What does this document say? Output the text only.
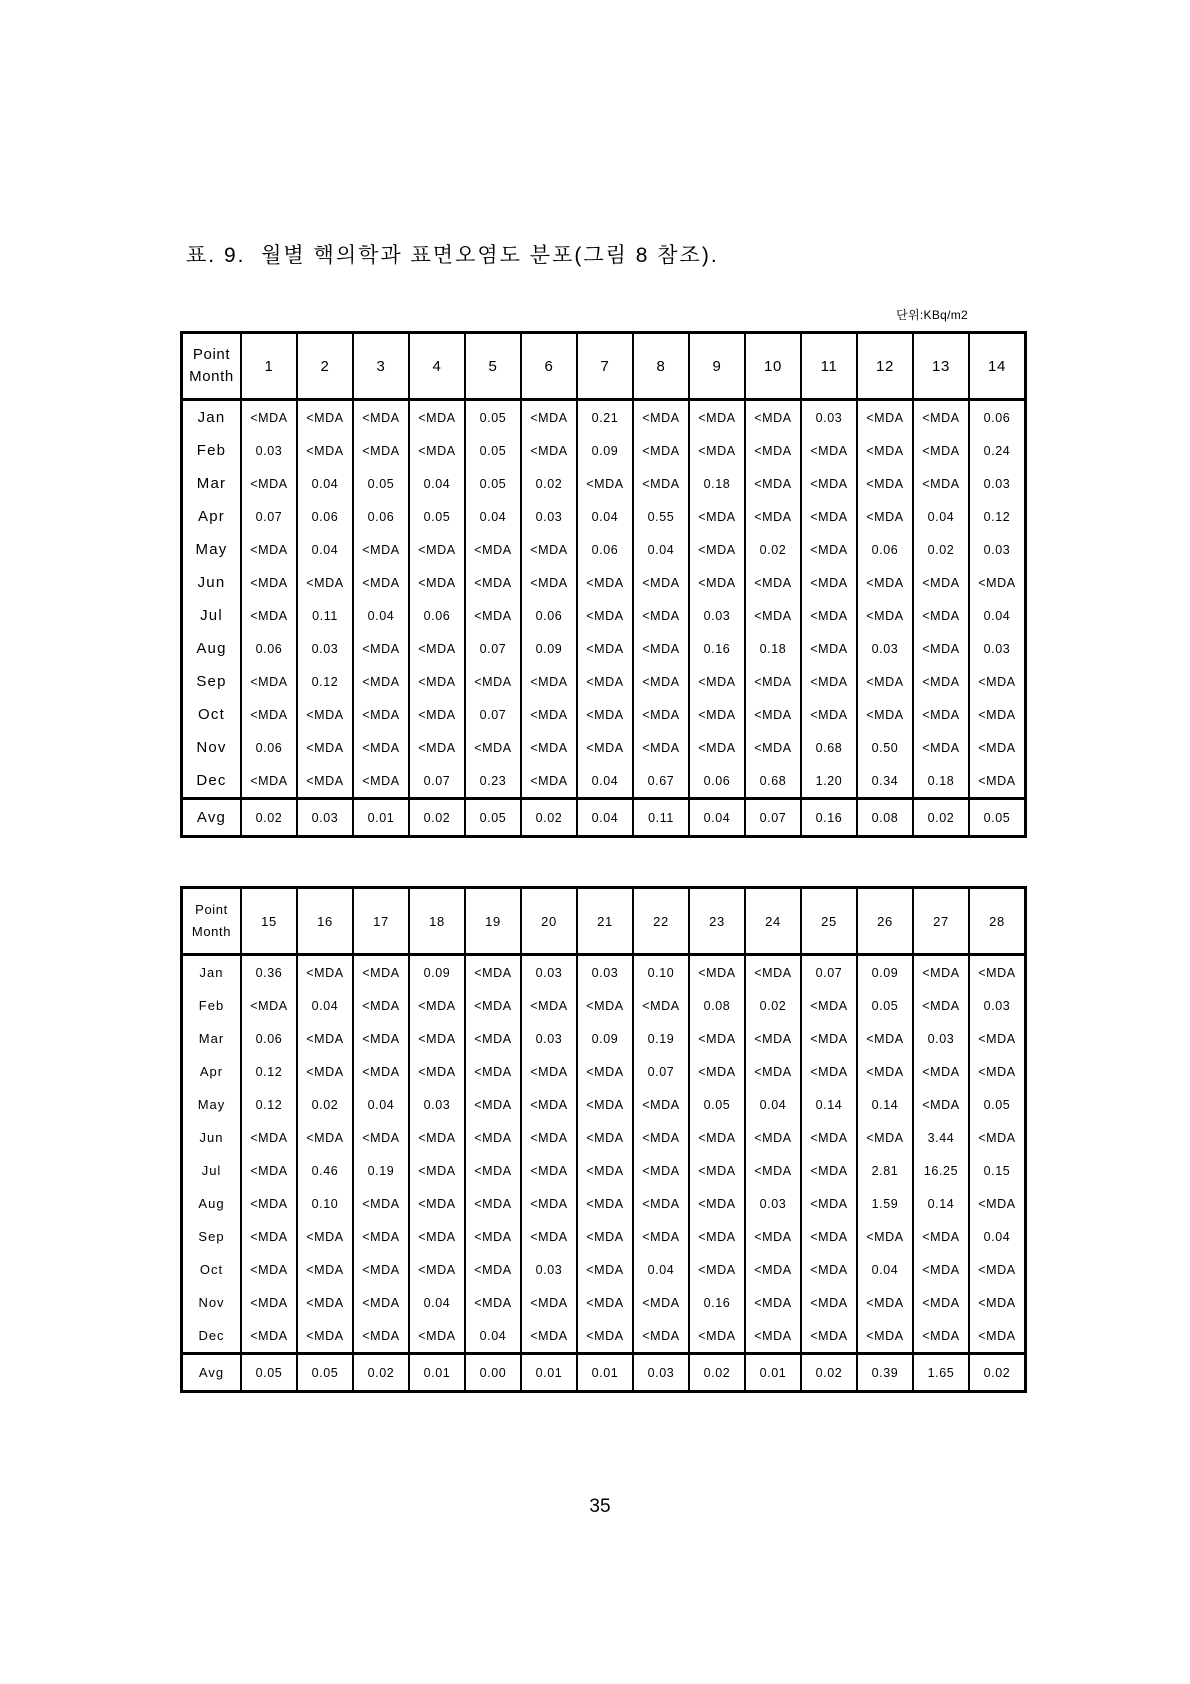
표. 9.  월별 핵의학과 표면오염도 분포(그림 8 참조).
단위:KBq/m2
Point
Month	1	2	3	4	5	6	7	8	9	10	11	12	13	14
Jan	<MDA	<MDA	<MDA	<MDA	0.05	<MDA	0.21	<MDA	<MDA	<MDA	0.03	<MDA	<MDA	0.06
Feb	0.03	<MDA	<MDA	<MDA	0.05	<MDA	0.09	<MDA	<MDA	<MDA	<MDA	<MDA	<MDA	0.24
Mar	<MDA	0.04	0.05	0.04	0.05	0.02	<MDA	<MDA	0.18	<MDA	<MDA	<MDA	<MDA	0.03
Apr	0.07	0.06	0.06	0.05	0.04	0.03	0.04	0.55	<MDA	<MDA	<MDA	<MDA	0.04	0.12
May	<MDA	0.04	<MDA	<MDA	<MDA	<MDA	0.06	0.04	<MDA	0.02	<MDA	0.06	0.02	0.03
Jun	<MDA	<MDA	<MDA	<MDA	<MDA	<MDA	<MDA	<MDA	<MDA	<MDA	<MDA	<MDA	<MDA	<MDA
Jul	<MDA	0.11	0.04	0.06	<MDA	0.06	<MDA	<MDA	0.03	<MDA	<MDA	<MDA	<MDA	0.04
Aug	0.06	0.03	<MDA	<MDA	0.07	0.09	<MDA	<MDA	0.16	0.18	<MDA	0.03	<MDA	0.03
Sep	<MDA	0.12	<MDA	<MDA	<MDA	<MDA	<MDA	<MDA	<MDA	<MDA	<MDA	<MDA	<MDA	<MDA
Oct	<MDA	<MDA	<MDA	<MDA	0.07	<MDA	<MDA	<MDA	<MDA	<MDA	<MDA	<MDA	<MDA	<MDA
Nov	0.06	<MDA	<MDA	<MDA	<MDA	<MDA	<MDA	<MDA	<MDA	<MDA	0.68	0.50	<MDA	<MDA
Dec	<MDA	<MDA	<MDA	0.07	0.23	<MDA	0.04	0.67	0.06	0.68	1.20	0.34	0.18	<MDA
Avg	0.02	0.03	0.01	0.02	0.05	0.02	0.04	0.11	0.04	0.07	0.16	0.08	0.02	0.05
Point
Month	15	16	17	18	19	20	21	22	23	24	25	26	27	28
Jan	0.36	<MDA	<MDA	0.09	<MDA	0.03	0.03	0.10	<MDA	<MDA	0.07	0.09	<MDA	<MDA
Feb	<MDA	0.04	<MDA	<MDA	<MDA	<MDA	<MDA	<MDA	0.08	0.02	<MDA	0.05	<MDA	0.03
Mar	0.06	<MDA	<MDA	<MDA	<MDA	0.03	0.09	0.19	<MDA	<MDA	<MDA	<MDA	0.03	<MDA
Apr	0.12	<MDA	<MDA	<MDA	<MDA	<MDA	<MDA	0.07	<MDA	<MDA	<MDA	<MDA	<MDA	<MDA
May	0.12	0.02	0.04	0.03	<MDA	<MDA	<MDA	<MDA	0.05	0.04	0.14	0.14	<MDA	0.05
Jun	<MDA	<MDA	<MDA	<MDA	<MDA	<MDA	<MDA	<MDA	<MDA	<MDA	<MDA	<MDA	3.44	<MDA
Jul	<MDA	0.46	0.19	<MDA	<MDA	<MDA	<MDA	<MDA	<MDA	<MDA	<MDA	2.81	16.25	0.15
Aug	<MDA	0.10	<MDA	<MDA	<MDA	<MDA	<MDA	<MDA	<MDA	0.03	<MDA	1.59	0.14	<MDA
Sep	<MDA	<MDA	<MDA	<MDA	<MDA	<MDA	<MDA	<MDA	<MDA	<MDA	<MDA	<MDA	<MDA	0.04
Oct	<MDA	<MDA	<MDA	<MDA	<MDA	0.03	<MDA	0.04	<MDA	<MDA	<MDA	0.04	<MDA	<MDA
Nov	<MDA	<MDA	<MDA	0.04	<MDA	<MDA	<MDA	<MDA	0.16	<MDA	<MDA	<MDA	<MDA	<MDA
Dec	<MDA	<MDA	<MDA	<MDA	0.04	<MDA	<MDA	<MDA	<MDA	<MDA	<MDA	<MDA	<MDA	<MDA
Avg	0.05	0.05	0.02	0.01	0.00	0.01	0.01	0.03	0.02	0.01	0.02	0.39	1.65	0.02
35
